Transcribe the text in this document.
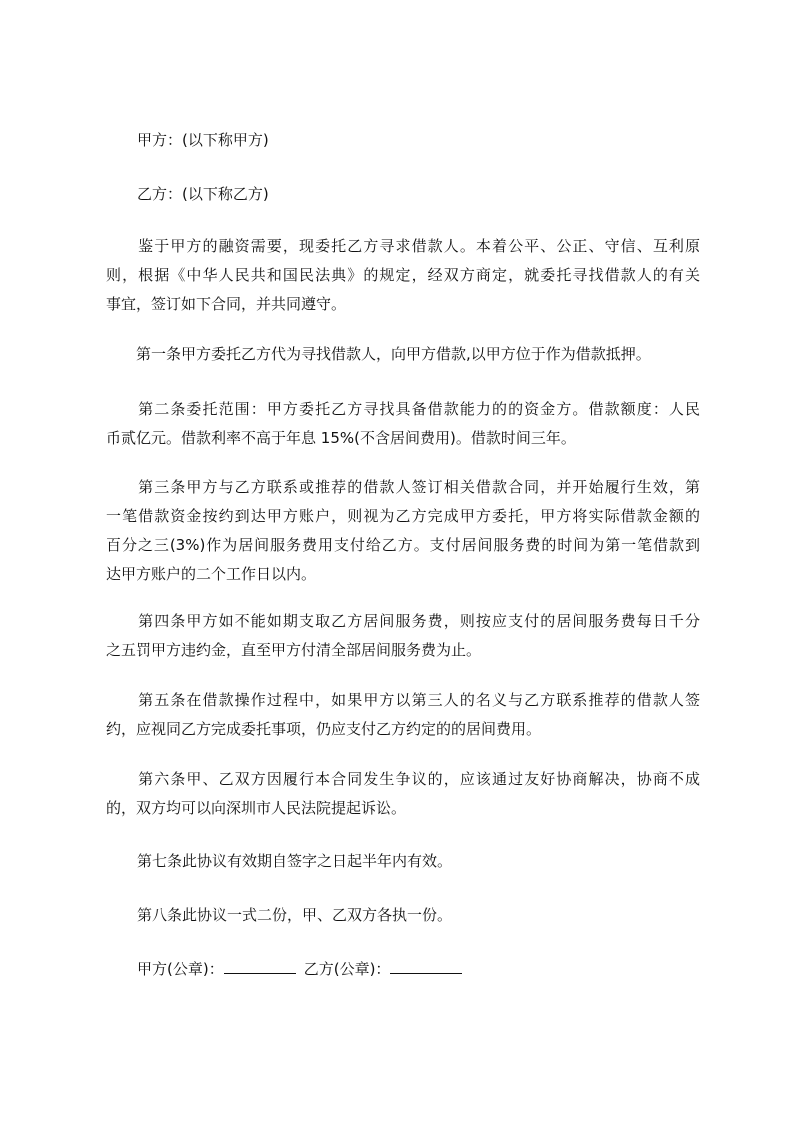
甲方：(以下称甲方)

乙方：(以下称乙方)

　　鉴于甲方的融资需要，现委托乙方寻求借款人。本着公平、公正、守信、互利原
则，根据《中华人民共和国民法典》的规定，经双方商定，就委托寻找借款人的有关
事宜，签订如下合同，并共同遵守。
　　第一条甲方委托乙方代为寻找借款人，向甲方借款,以甲方位于作为借款抵押。
　　第二条委托范围：甲方委托乙方寻找具备借款能力的的资金方。借款额度：人民
币贰亿元。借款利率不高于年息 15%(不含居间费用)。借款时间三年。
　　第三条甲方与乙方联系或推荐的借款人签订相关借款合同，并开始履行生效，第
一笔借款资金按约到达甲方账户，则视为乙方完成甲方委托，甲方将实际借款金额的
百分之三(3%)作为居间服务费用支付给乙方。支付居间服务费的时间为第一笔借款到
达甲方账户的二个工作日以内。
　　第四条甲方如不能如期支取乙方居间服务费，则按应支付的居间服务费每日千分
之五罚甲方违约金，直至甲方付清全部居间服务费为止。
　　第五条在借款操作过程中，如果甲方以第三人的名义与乙方联系推荐的借款人签
约，应视同乙方完成委托事项，仍应支付乙方约定的的居间费用。
　　第六条甲、乙双方因履行本合同发生争议的，应该通过友好协商解决，协商不成
的，双方均可以向深圳市人民法院提起诉讼。

第七条此协议有效期自签字之日起半年内有效。

第八条此协议一式二份，甲、乙双方各执一份。

甲方(公章)：	乙方(公章)：
